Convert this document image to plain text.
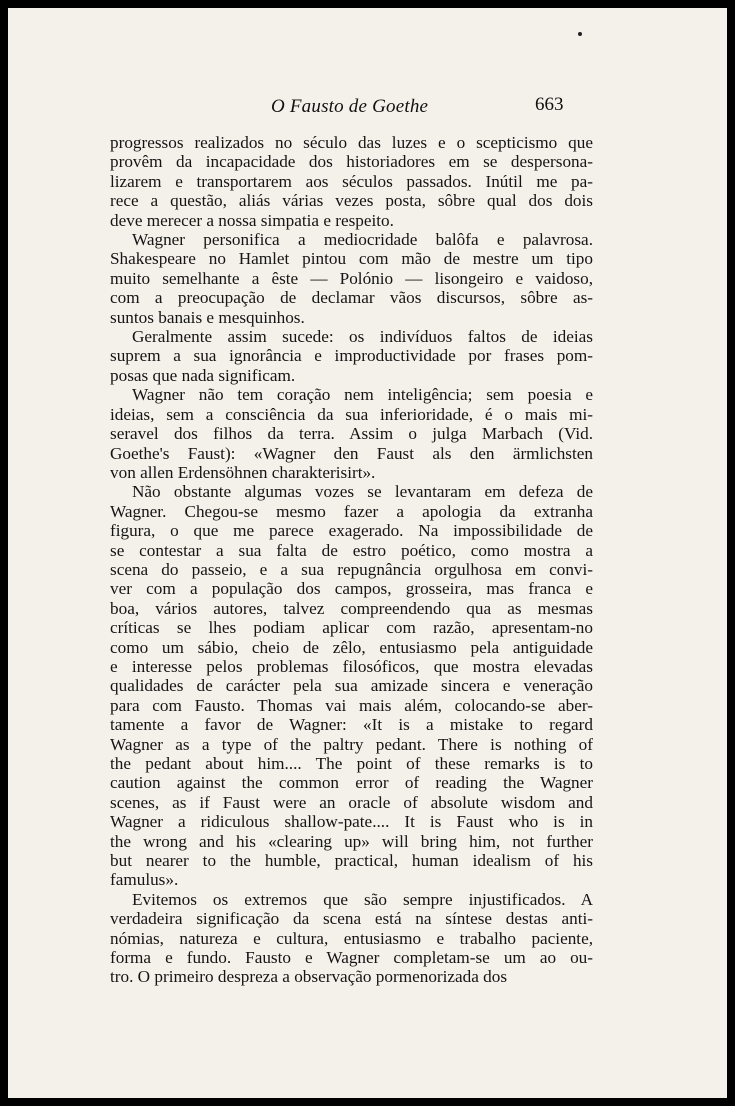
O Fausto de Goethe	663
progressos realizados no século das luzes e o scepticismo que
provêm da incapacidade dos historiadores em se despersona-
lizarem e transportarem aos séculos passados. Inútil me pa-
rece a questão, aliás várias vezes posta, sôbre qual dos dois
deve merecer a nossa simpatia e respeito.
Wagner personifica a mediocridade balôfa e palavrosa.
Shakespeare no Hamlet pintou com mão de mestre um tipo
muito semelhante a êste — Polónio — lisongeiro e vaidoso,
com a preocupação de declamar vãos discursos, sôbre as-
suntos banais e mesquinhos.
Geralmente assim sucede: os indivíduos faltos de ideias
suprem a sua ignorância e improductividade por frases pom-
posas que nada significam.
Wagner não tem coração nem inteligência; sem poesia e
ideias, sem a consciência da sua inferioridade, é o mais mi-
seravel dos filhos da terra. Assim o julga Marbach (Vid.
Goethe's Faust): «Wagner den Faust als den ärmlichsten
von allen Erdensöhnen charakterisirt».
Não obstante algumas vozes se levantaram em defeza de
Wagner. Chegou-se mesmo fazer a apologia da extranha
figura, o que me parece exagerado. Na impossibilidade de
se contestar a sua falta de estro poético, como mostra a
scena do passeio, e a sua repugnância orgulhosa em convi-
ver com a população dos campos, grosseira, mas franca e
boa, vários autores, talvez compreendendo qua as mesmas
críticas se lhes podiam aplicar com razão, apresentam-no
como um sábio, cheio de zêlo, entusiasmo pela antiguidade
e interesse pelos problemas filosóficos, que mostra elevadas
qualidades de carácter pela sua amizade sincera e veneração
para com Fausto. Thomas vai mais além, colocando-se aber-
tamente a favor de Wagner: «It is a mistake to regard
Wagner as a type of the paltry pedant. There is nothing of
the pedant about him.... The point of these remarks is to
caution against the common error of reading the Wagner
scenes, as if Faust were an oracle of absolute wisdom and
Wagner a ridiculous shallow-pate.... It is Faust who is in
the wrong and his «clearing up» will bring him, not further
but nearer to the humble, practical, human idealism of his
famulus».
Evitemos os extremos que são sempre injustificados. A
verdadeira significação da scena está na síntese destas anti-
nómias, natureza e cultura, entusiasmo e trabalho paciente,
forma e fundo. Fausto e Wagner completam-se um ao ou-
tro. O primeiro despreza a observação pormenorizada dos
